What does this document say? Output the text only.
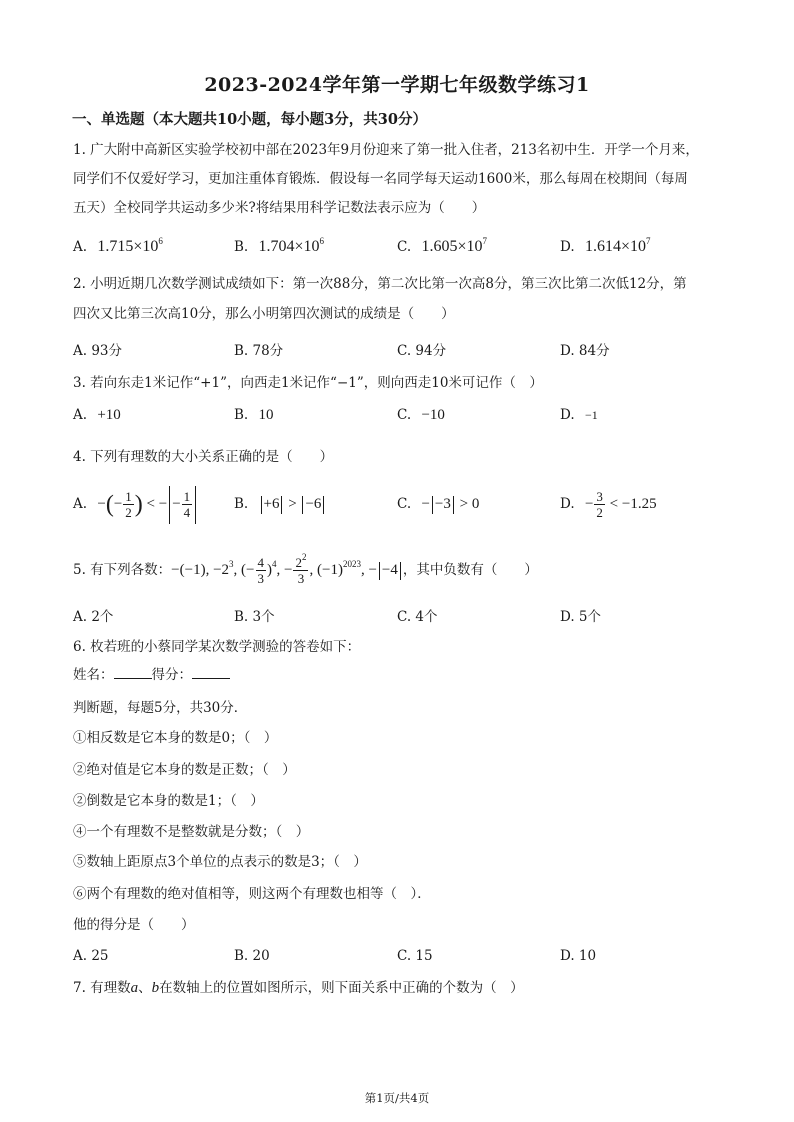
2023-2024学年第一学期七年级数学练习1
一、单选题（本大题共10小题，每小题3分，共30分）
1. 广大附中高新区实验学校初中部在2023年9月份迎来了第一批入住者，213名初中生．开学一个月来，
同学们不仅爱好学习，更加注重体育锻炼．假设每一名同学每天运动1600米，那么每周在校期间（每周
五天）全校同学共运动多少米?将结果用科学记数法表示应为（　　）
A. $1.715\times 10^6$	B. $1.704\times 10^6$	C. $1.605\times 10^7$	D. $1.614\times 10^7$
2. 小明近期几次数学测试成绩如下：第一次88分，第二次比第一次高8分，第三次比第二次低12分，第
四次又比第三次高10分，那么小明第四次测试的成绩是（　　）
A. 93分	B. 78分	C. 94分	D. 84分
3. 若向东走1米记作“+1”，向西走1米记作“−1”，则向西走10米可记作（　）
A. +10	B. 10	C. −10	D. −1
4. 下列有理数的大小关系正确的是（　　）
A. −(− $\frac{1}{2}$ ) < − − $\frac{1}{4}$	B. +6 > −6	C. − −3 > 0	D. − $\frac{3}{2} < -1.25$
5. 有下列各数：−(−1), $-2^3$, (− $\frac{4}{3} )^4$, − $\frac{2^2}{3}$ , $(-1)^{2023}$, − −4 ，其中负数有（　　）
A. 2个	B. 3个	C. 4个	D. 5个
6. 枚若班的小蔡同学某次数学测验的答卷如下：
姓名：	得分：
判断题，每题5分，共30分．
①相反数是它本身的数是0；（　）
②绝对值是它本身的数是正数；（　）
②倒数是它本身的数是1；（　）
④一个有理数不是整数就是分数；（　）
⑤数轴上距原点3个单位的点表示的数是3；（　）
⑥两个有理数的绝对值相等，则这两个有理数也相等（　）．
他的得分是（　　）
A. 25	B. 20	C. 15	D. 10
7. 有理数a、b在数轴上的位置如图所示，则下面关系中正确的个数为（　）
第1页/共4页
